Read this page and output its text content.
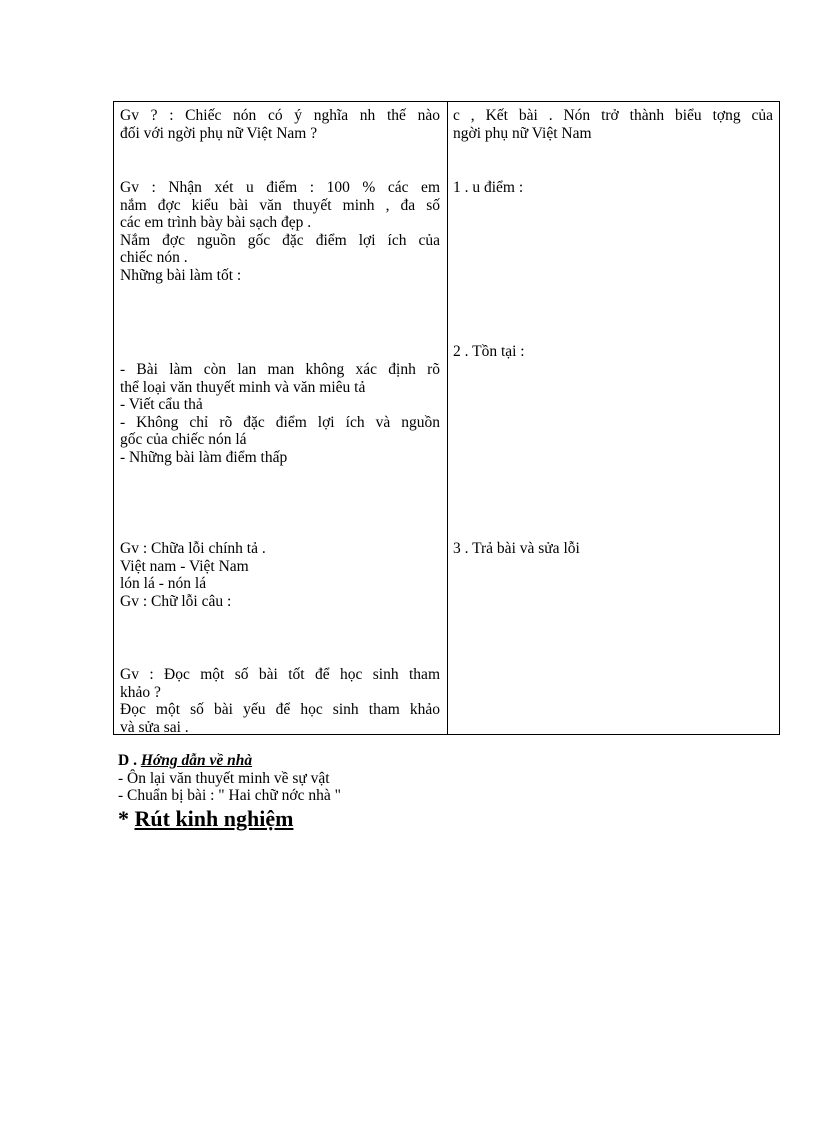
Gv ? : Chiếc nón có ý nghĩa nh thế nào
đối với ngời phụ nữ Việt Nam ?
Gv : Nhận xét u điểm : 100 % các em
nắm đợc kiểu bài văn thuyết minh , đa số
các em trình bày bài sạch đẹp .
Nắm đợc nguồn gốc đặc điểm lợi ích của
chiếc nón .
Những bài làm tốt :
- Bài làm còn lan man không xác định rõ
thể loại văn thuyết minh và văn miêu tả
- Viết cẩu thả
- Không chỉ rõ đặc điểm lợi ích và nguồn
gốc của chiếc nón lá
- Những bài làm điểm thấp
Gv : Chữa lỗi chính tả .
Việt nam - Việt Nam
lón lá - nón lá
Gv : Chữ lỗi câu :
Gv : Đọc một số bài tốt để học sinh tham
khảo ?
Đọc một số bài yếu để học sinh tham khảo
và sửa sai .
c , Kết bài . Nón trở thành biểu tợng của
ngời phụ nữ Việt Nam
1 . u điểm :
2 . Tồn tại :
3 . Trả bài và sửa lỗi
D . Hớng dẫn về nhà
- Ôn lại văn thuyết minh về sự vật
- Chuẩn bị bài : " Hai chữ nớc nhà "
* Rút kinh nghiệm
